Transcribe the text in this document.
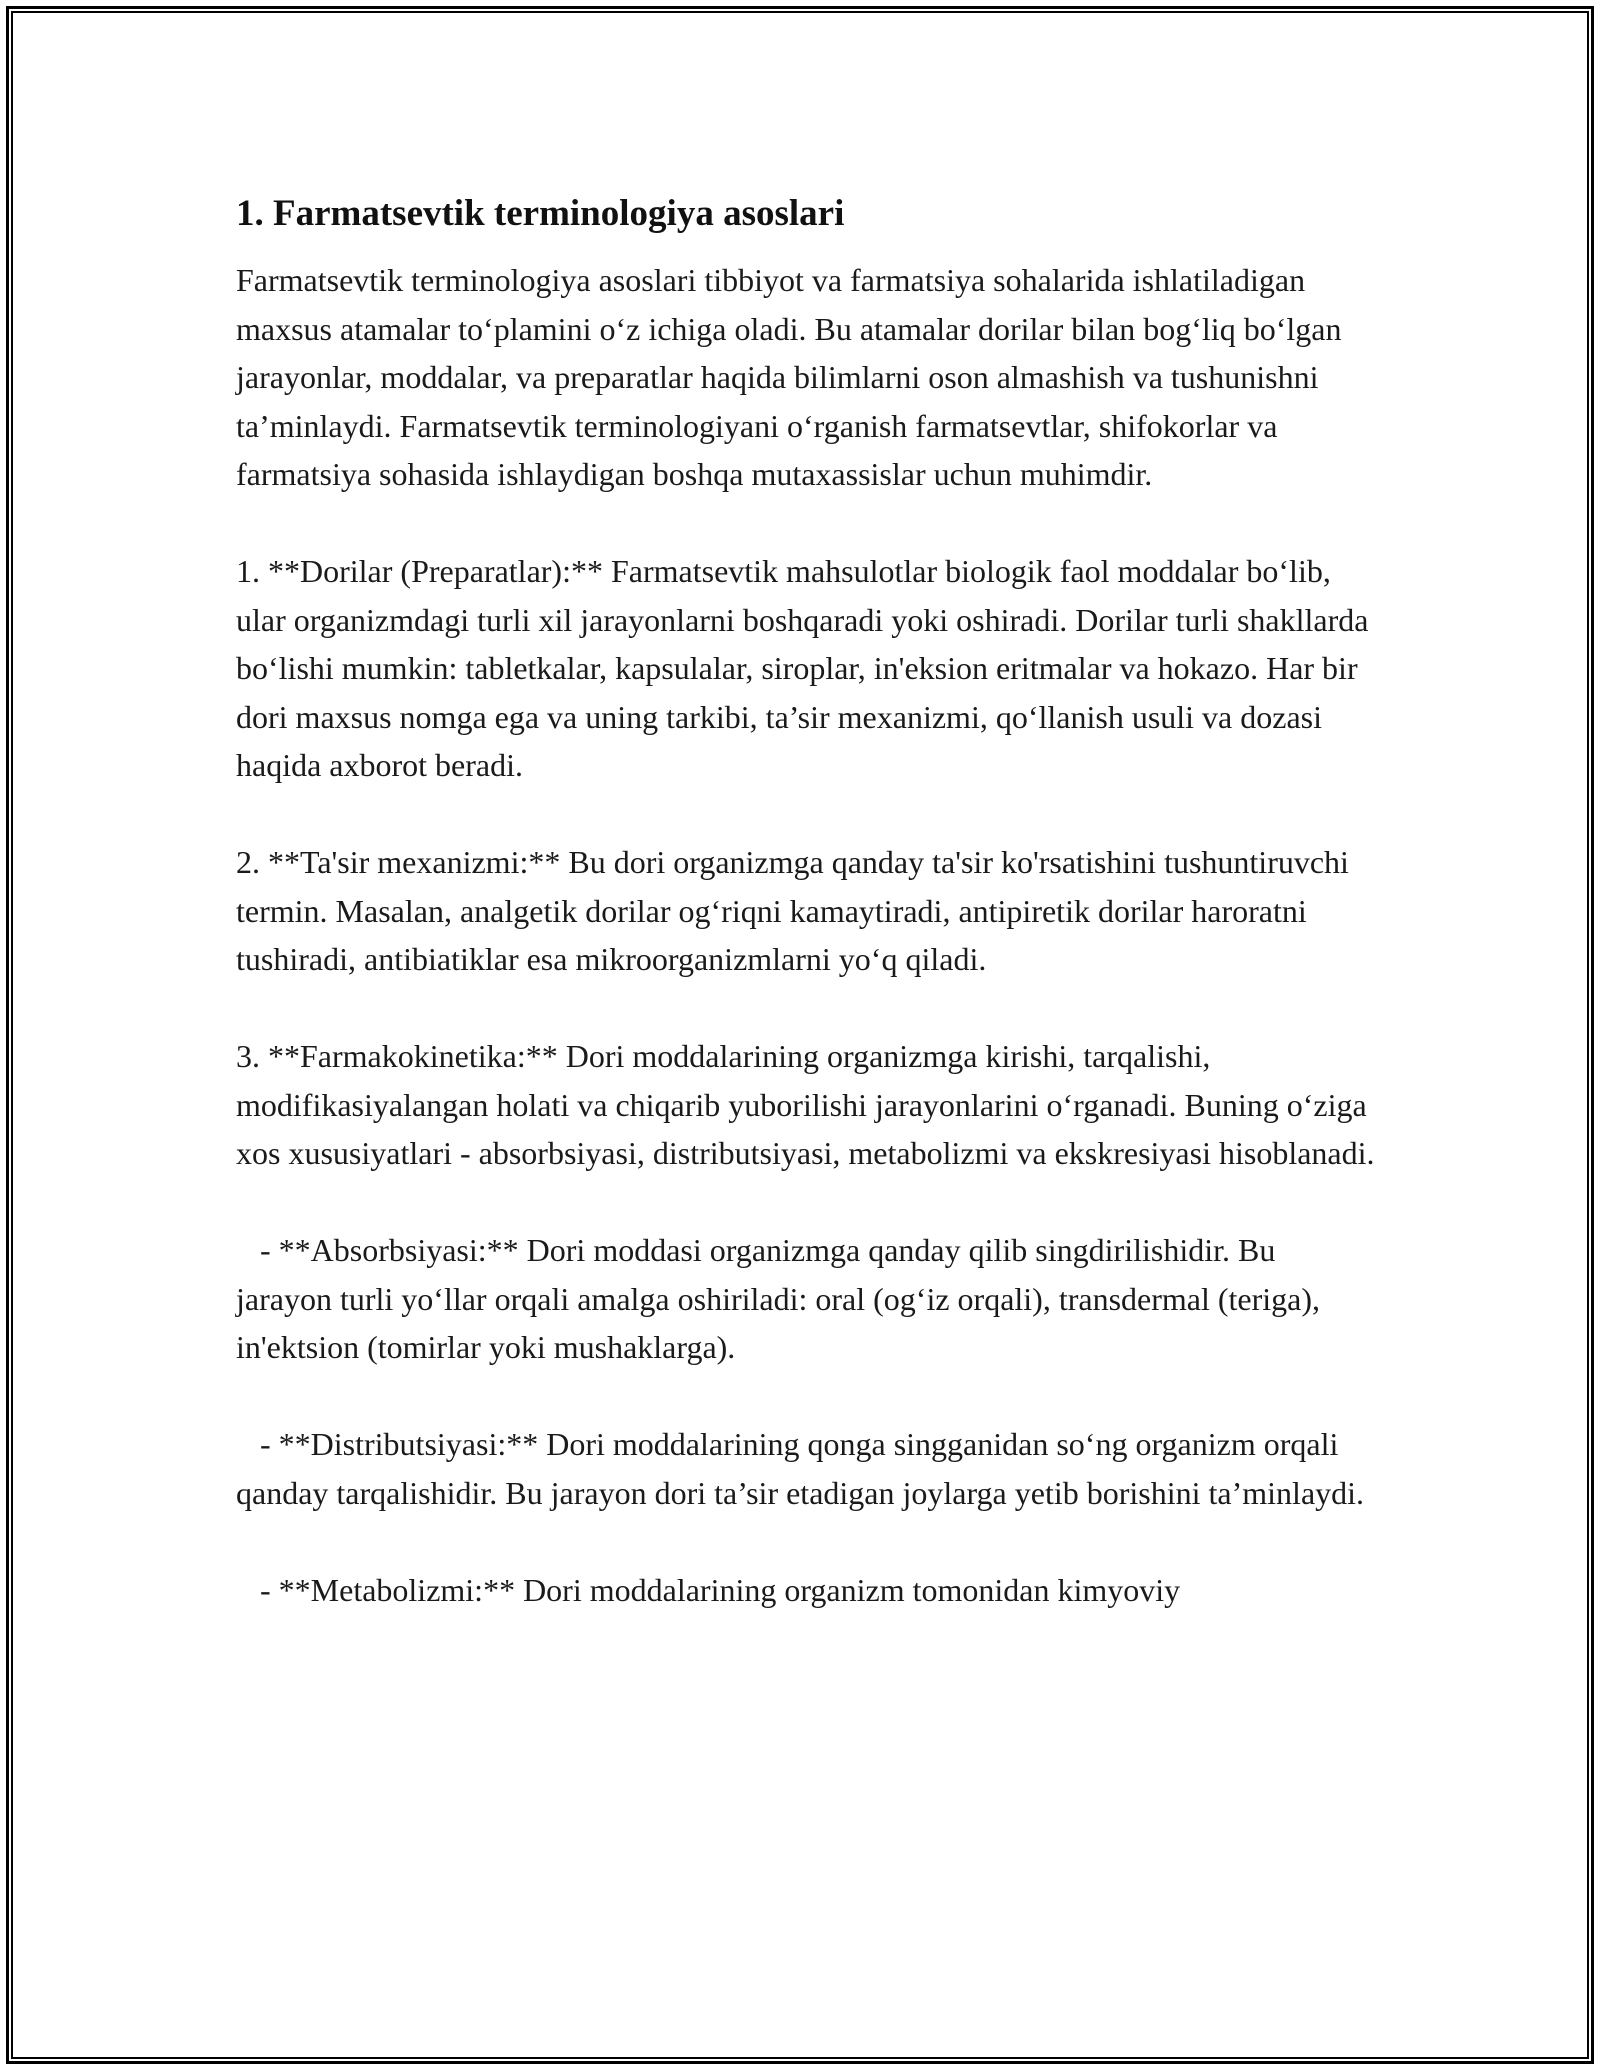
1. Farmatsevtik terminologiya asoslari

Farmatsevtik terminologiya asoslari tibbiyot va farmatsiya sohalarida ishlatiladigan maxsus atamalar to‘plamini o‘z ichiga oladi. Bu atamalar dorilar bilan bog‘liq bo‘lgan jarayonlar, moddalar, va preparatlar haqida bilimlarni oson almashish va tushunishni ta’minlaydi. Farmatsevtik terminologiyani o‘rganish farmatsevtlar, shifokorlar va farmatsiya sohasida ishlaydigan boshqa mutaxassislar uchun muhimdir.

1. **Dorilar (Preparatlar):** Farmatsevtik mahsulotlar biologik faol moddalar bo‘lib, ular organizmdagi turli xil jarayonlarni boshqaradi yoki oshiradi. Dorilar turli shakllarda bo‘lishi mumkin: tabletkalar, kapsulalar, siroplar, in'eksion eritmalar va hokazo. Har bir dori maxsus nomga ega va uning tarkibi, ta’sir mexanizmi, qo‘llanish usuli va dozasi haqida axborot beradi.

2. **Ta'sir mexanizmi:** Bu dori organizmga qanday ta'sir ko'rsatishini tushuntiruvchi termin. Masalan, analgetik dorilar og‘riqni kamaytiradi, antipiretik dorilar haroratni tushiradi, antibiatiklar esa mikroorganizmlarni yo‘q qiladi.

3. **Farmakokinetika:** Dori moddalarining organizmga kirishi, tarqalishi, modifikasiyalangan holati va chiqarib yuborilishi jarayonlarini o‘rganadi. Buning o‘ziga xos xususiyatlari - absorbsiyasi, distributsiyasi, metabolizmi va ekskresiyasi hisoblanadi.

- **Absorbsiyasi:** Dori moddasi organizmga qanday qilib singdirilishidir. Bu jarayon turli yo‘llar orqali amalga oshiriladi: oral (og‘iz orqali), transdermal (teriga), in'ektsion (tomirlar yoki mushaklarga).

- **Distributsiyasi:** Dori moddalarining qonga singganidan so‘ng organizm orqali qanday tarqalishidir. Bu jarayon dori ta’sir etadigan joylarga yetib borishini ta’minlaydi.

- **Metabolizmi:** Dori moddalarining organizm tomonidan kimyoviy
